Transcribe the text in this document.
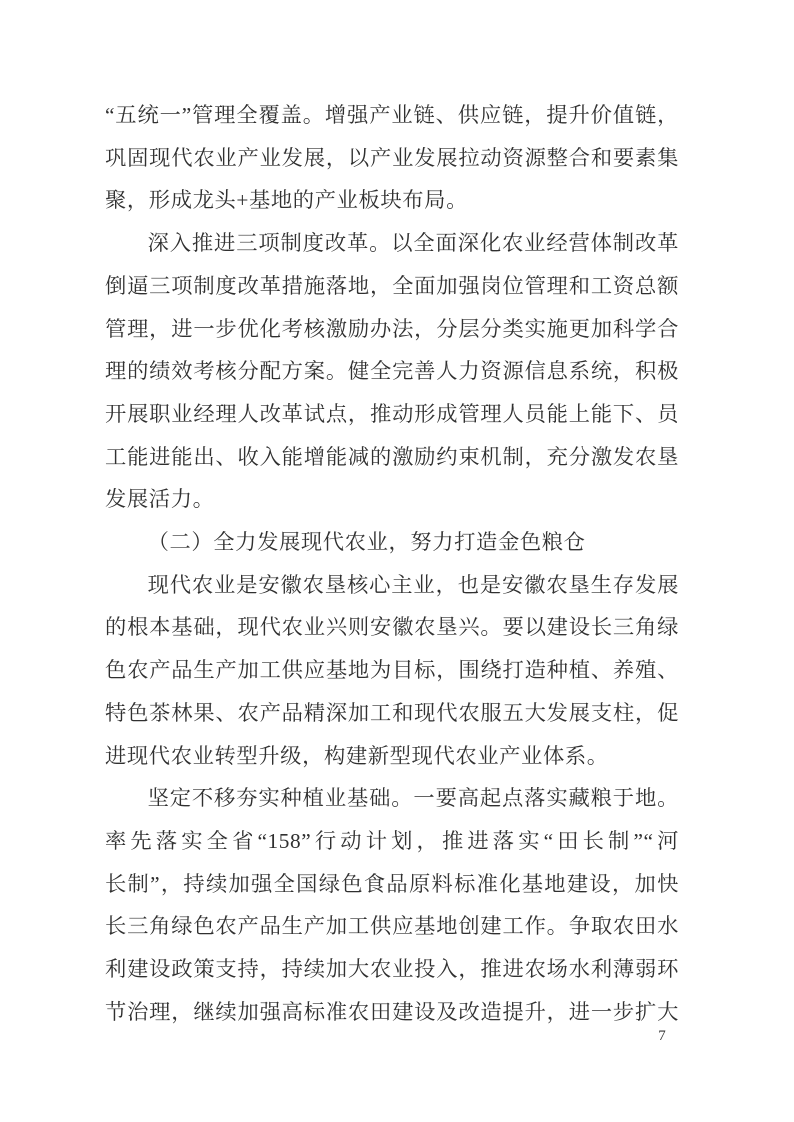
“五统一”管理全覆盖。增强产业链、供应链，提升价值链，
巩固现代农业产业发展，以产业发展拉动资源整合和要素集
聚，形成龙头+基地的产业板块布局。
深入推进三项制度改革。以全面深化农业经营体制改革
倒逼三项制度改革措施落地，全面加强岗位管理和工资总额
管理，进一步优化考核激励办法，分层分类实施更加科学合
理的绩效考核分配方案。健全完善人力资源信息系统，积极
开展职业经理人改革试点，推动形成管理人员能上能下、员
工能进能出、收入能增能减的激励约束机制，充分激发农垦
发展活力。
（二）全力发展现代农业，努力打造金色粮仓
现代农业是安徽农垦核心主业，也是安徽农垦生存发展
的根本基础，现代农业兴则安徽农垦兴。要以建设长三角绿
色农产品生产加工供应基地为目标，围绕打造种植、养殖、
特色茶林果、农产品精深加工和现代农服五大发展支柱，促
进现代农业转型升级，构建新型现代农业产业体系。
坚定不移夯实种植业基础。一要高起点落实藏粮于地。
率先落实全省“158”行动计划，推进落实“田长制”“河
长制”，持续加强全国绿色食品原料标准化基地建设，加快
长三角绿色农产品生产加工供应基地创建工作。争取农田水
利建设政策支持，持续加大农业投入，推进农场水利薄弱环
节治理，继续加强高标准农田建设及改造提升，进一步扩大
7
